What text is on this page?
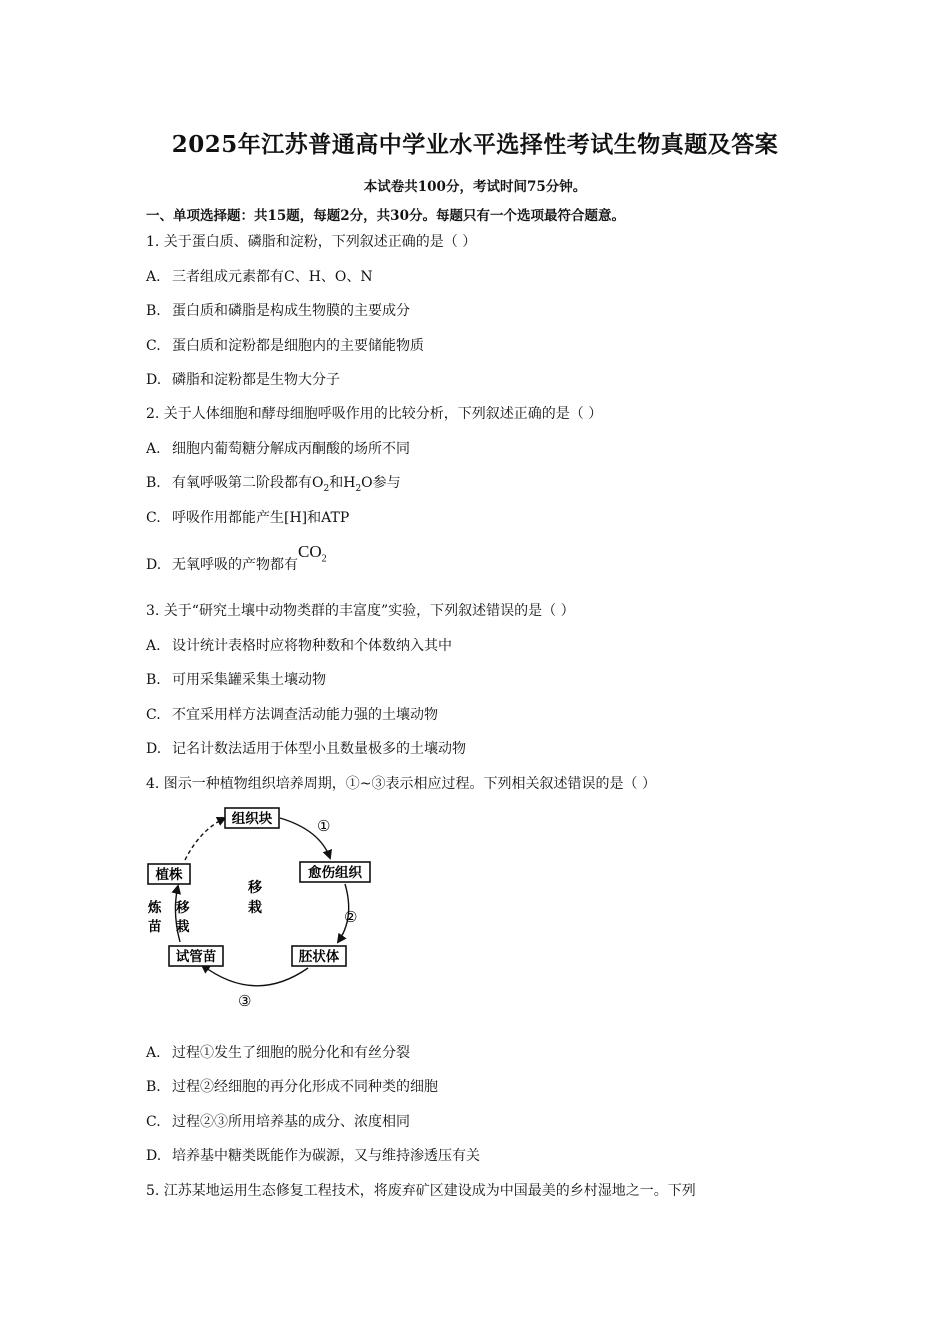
2025年江苏普通高中学业水平选择性考试生物真题及答案
本试卷共100分，考试时间75分钟。
一、单项选择题：共15题，每题2分，共30分。每题只有一个选项最符合题意。
1. 关于蛋白质、磷脂和淀粉，下列叙述正确的是（ ）
A. 三者组成元素都有C、H、O、N
B. 蛋白质和磷脂是构成生物膜的主要成分
C. 蛋白质和淀粉都是细胞内的主要储能物质
D. 磷脂和淀粉都是生物大分子
2. 关于人体细胞和酵母细胞呼吸作用的比较分析，下列叙述正确的是（ ）
A. 细胞内葡萄糖分解成丙酮酸的场所不同
B. 有氧呼吸第二阶段都有$O_2$和$H_2O$参与
C. 呼吸作用都能产生[H]和ATP
D. 无氧呼吸的产物都有$CO_2$
3. 关于“研究土壤中动物类群的丰富度”实验，下列叙述错误的是（ ）
A. 设计统计表格时应将物种数和个体数纳入其中
B. 可用采集罐采集土壤动物
C. 不宜采用样方法调查活动能力强的土壤动物
D. 记名计数法适用于体型小且数量极多的土壤动物
4. 图示一种植物组织培养周期，①~③表示相应过程。下列相关叙述错误的是（ ）
组织块
愈伤组织
胚状体
试管苗
植株
①
②
③
移
栽
炼
苗
移
栽
A. 过程①发生了细胞的脱分化和有丝分裂
B. 过程②经细胞的再分化形成不同种类的细胞
C. 过程②③所用培养基的成分、浓度相同
D. 培养基中糖类既能作为碳源，又与维持渗透压有关
5. 江苏某地运用生态修复工程技术，将废弃矿区建设成为中国最美的乡村湿地之一。下列
